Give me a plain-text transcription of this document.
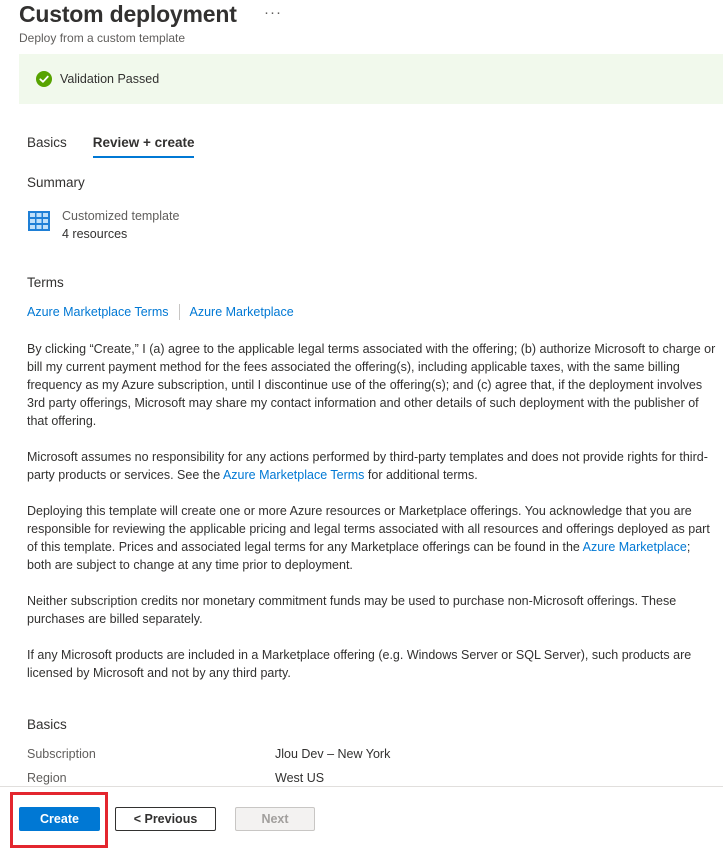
Custom deployment ···
Deploy from a custom template
Validation Passed
Basics Review + create
Summary
Customized template
4 resources
Terms
Azure Marketplace Terms Azure Marketplace
By clicking “Create,” I (a) agree to the applicable legal terms associated with the offering; (b) authorize Microsoft to charge or bill my current payment method for the fees associated the offering(s), including applicable taxes, with the same billing frequency as my Azure subscription, until I discontinue use of the offering(s); and (c) agree that, if the deployment involves 3rd party offerings, Microsoft may share my contact information and other details of such deployment with the publisher of that offering.
Microsoft assumes no responsibility for any actions performed by third-party templates and does not provide rights for third-party products or services. See the Azure Marketplace Terms for additional terms.
Deploying this template will create one or more Azure resources or Marketplace offerings. You acknowledge that you are responsible for reviewing the applicable pricing and legal terms associated with all resources and offerings deployed as part of this template. Prices and associated legal terms for any Marketplace offerings can be found in the Azure Marketplace; both are subject to change at any time prior to deployment.
Neither subscription credits nor monetary commitment funds may be used to purchase non-Microsoft offerings. These purchases are billed separately.
If any Microsoft products are included in a Marketplace offering (e.g. Windows Server or SQL Server), such products are licensed by Microsoft and not by any third party.
Basics
Subscription	Jlou Dev – New York
Region	West US
Create	< Previous	Next
